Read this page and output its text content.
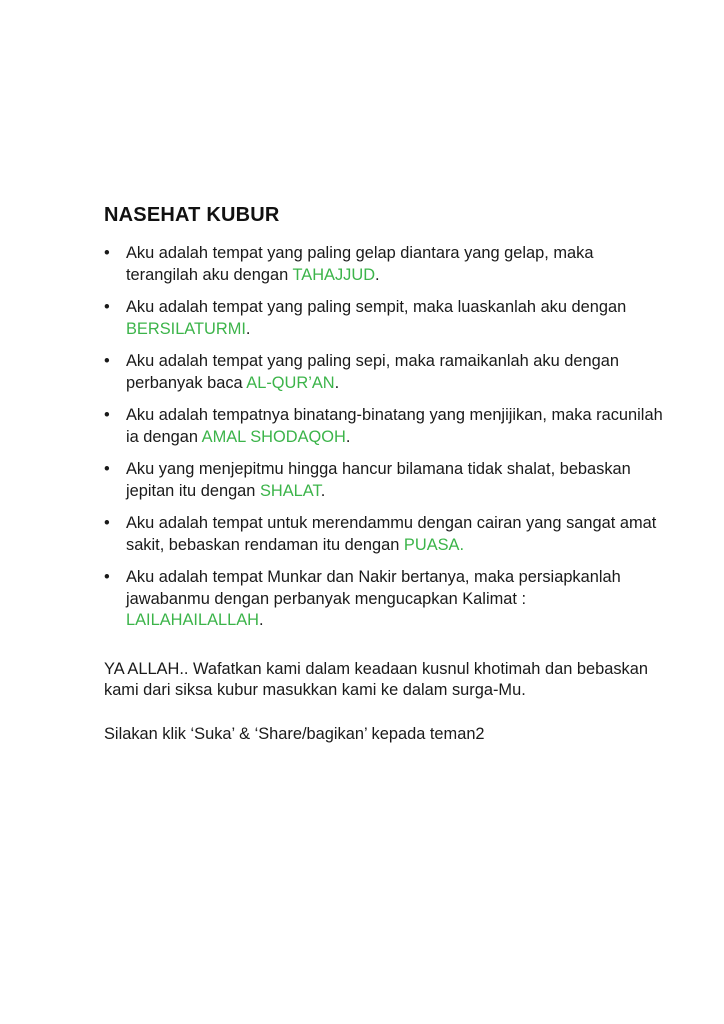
NASEHAT KUBUR
• Aku adalah tempat yang paling gelap diantara yang gelap, maka terangilah aku dengan TAHAJJUD.
• Aku adalah tempat yang paling sempit, maka luaskanlah aku dengan BERSILATURMI.
• Aku adalah tempat yang paling sepi, maka ramaikanlah aku dengan perbanyak baca AL-QUR’AN.
• Aku adalah tempatnya binatang-binatang yang menjijikan, maka racunilah ia dengan AMAL SHODAQOH.
• Aku yang menjepitmu hingga hancur bilamana tidak shalat, bebaskan jepitan itu dengan SHALAT.
• Aku adalah tempat untuk merendammu dengan cairan yang sangat amat sakit, bebaskan rendaman itu dengan PUASA.
• Aku adalah tempat Munkar dan Nakir bertanya, maka persiapkanlah jawabanmu dengan perbanyak mengucapkan Kalimat : LAILAHAILALLAH.

YA ALLAH.. Wafatkan kami dalam keadaan kusnul khotimah dan bebaskan kami dari siksa kubur masukkan kami ke dalam surga-Mu.

Silakan klik ‘Suka’ & ‘Share/bagikan’ kepada teman2
